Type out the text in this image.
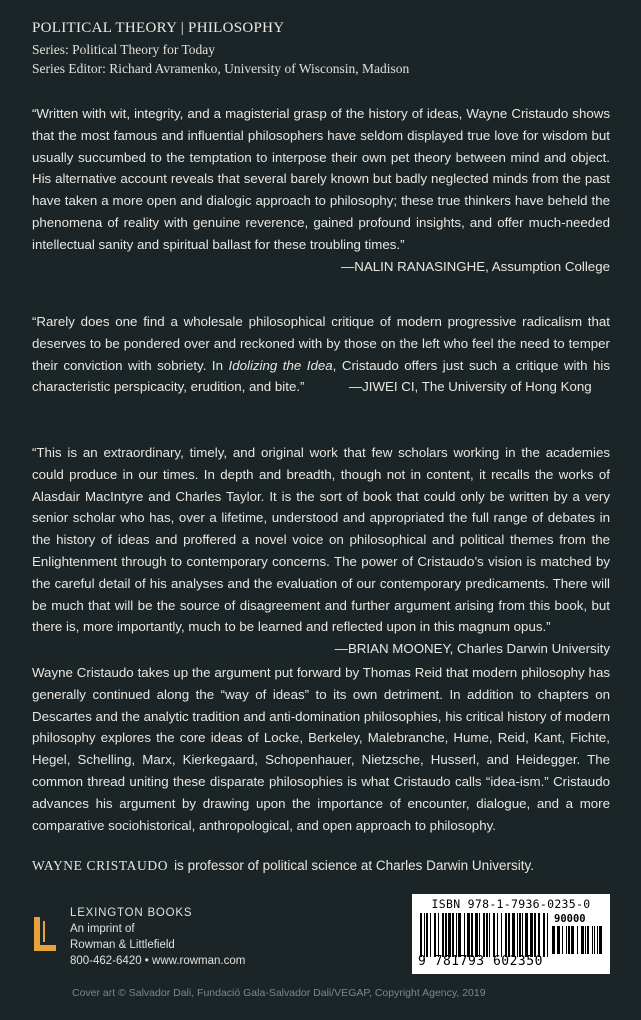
POLITICAL THEORY | PHILOSOPHY
Series: Political Theory for Today
Series Editor: Richard Avramenko, University of Wisconsin, Madison

“Written with wit, integrity, and a magisterial grasp of the history of ideas, Wayne Cristaudo shows that the most famous and influential philosophers have seldom displayed true love for wisdom but usually succumbed to the temptation to interpose their own pet theory between mind and object. His alternative account reveals that several barely known but badly neglected minds from the past have taken a more open and dialogic approach to philosophy; these true thinkers have beheld the phenomena of reality with genuine reverence, gained profound insights, and offer much-needed intellectual sanity and spiritual ballast for these troubling times.”

—NALIN RANASINGHE, Assumption College

“Rarely does one find a wholesale philosophical critique of modern progressive radicalism that deserves to be pondered over and reckoned with by those on the left who feel the need to temper their conviction with sobriety. In Idolizing the Idea, Cristaudo offers just such a critique with his characteristic perspicacity, erudition, and bite.”	—JIWEI CI, The University of Hong Kong

“This is an extraordinary, timely, and original work that few scholars working in the academies could produce in our times. In depth and breadth, though not in content, it recalls the works of Alasdair MacIntyre and Charles Taylor. It is the sort of book that could only be written by a very senior scholar who has, over a lifetime, understood and appropriated the full range of debates in the history of ideas and proffered a novel voice on philosophical and political themes from the Enlightenment through to contemporary concerns. The power of Cristaudo’s vision is matched by the careful detail of his analyses and the evaluation of our contemporary predicaments. There will be much that will be the source of disagreement and further argument arising from this book, but there is, more importantly, much to be learned and reflected upon in this magnum opus.”

—BRIAN MOONEY, Charles Darwin University

Wayne Cristaudo takes up the argument put forward by Thomas Reid that modern philosophy has generally continued along the “way of ideas” to its own detriment. In addition to chapters on Descartes and the analytic tradition and anti-domination philosophies, his critical history of modern philosophy explores the core ideas of Locke, Berkeley, Malebranche, Hume, Reid, Kant, Fichte, Hegel, Schelling, Marx, Kierkegaard, Schopenhauer, Nietzsche, Husserl, and Heidegger. The common thread uniting these disparate philosophies is what Cristaudo calls “idea-ism.” Cristaudo advances his argument by drawing upon the importance of encounter, dialogue, and a more comparative sociohistorical, anthropological, and open approach to philosophy.

WAYNE CRISTAUDO is professor of political science at Charles Darwin University.
LEXINGTON BOOKS
An imprint of
Rowman & Littlefield
800-462-6420 • www.rowman.com
ISBN 978-1-7936-0235-0
90000
9 781793 602350
Cover art © Salvador Dali, Fundació Gala-Salvador Dali/VEGAP, Copyright Agency, 2019
